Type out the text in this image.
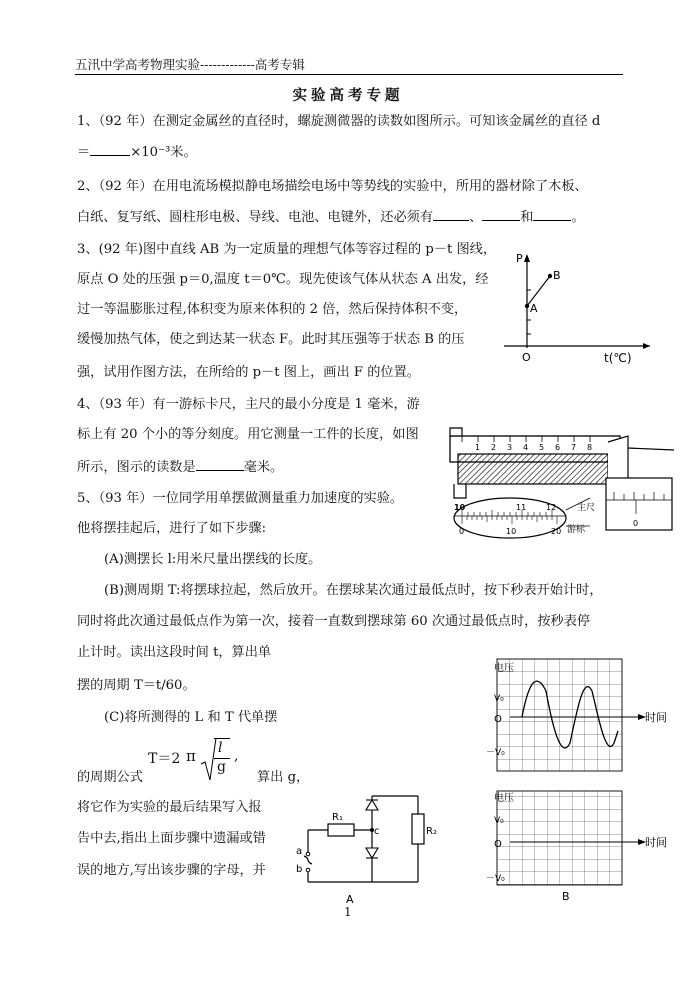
五汛中学高考物理实验-------------高考专辑
实验高考专题
1、（92 年）在测定金属丝的直径时，螺旋测微器的读数如图所示。可知该金属丝的直径 d
＝	×10⁻³米。
2、（92 年）在用电流场模拟静电场描绘电场中等势线的实验中，所用的器材除了木板、
白纸、复写纸、圆柱形电极、导线、电池、电键外，还必须有	、	和	。
3、(92 年)图中直线 AB 为一定质量的理想气体等容过程的 p－t 图线，
原点 O 处的压强 p＝0,温度 t＝0℃。现先使该气体从状态 A 出发，经
过一等温膨胀过程,体积变为原来体积的 2 倍，然后保持体积不变，
缓慢加热气体，使之到达某一状态 F。此时其压强等于状态 B 的压
强，试用作图方法，在所给的 p－t 图上，画出 F 的位置。
P
B
A
O	t(℃)
4、（93 年）有一游标卡尺，主尺的最小分度是 1 毫米，游
标上有 20 个小的等分刻度。用它测量一工件的长度，如图
所示，图示的读数是	毫米。
1 2 3 4 5 6 7 8
10	11 12
0	10	20
0
主尺
游标
5、（93 年）一位同学用单摆做测量重力加速度的实验。
他将摆挂起后，进行了如下步骤:
(A)测摆长 l:用米尺量出摆线的长度。
(B)测周期 T:将摆球拉起，然后放开。在摆球某次通过最低点时，按下秒表开始计时，
同时将此次通过最低点作为第一次，接着一直数到摆球第 60 次通过最低点时，按秒表停
止计时。读出这段时间 t，算出单
摆的周期 T＝t/60。
(C)将所测得的 L 和 T 代单摆
T＝2 π l
g
,
的周期公式	算出 g，
将它作为实验的最后结果写入报
告中去,指出上面步骤中遗漏或错
误的地方,写出该步骤的字母，并
R₁
R₂
c
a
b
A
电压
V₀
O
－V₀
时间
电压
V₀
O
－V₀
时间
B
1
